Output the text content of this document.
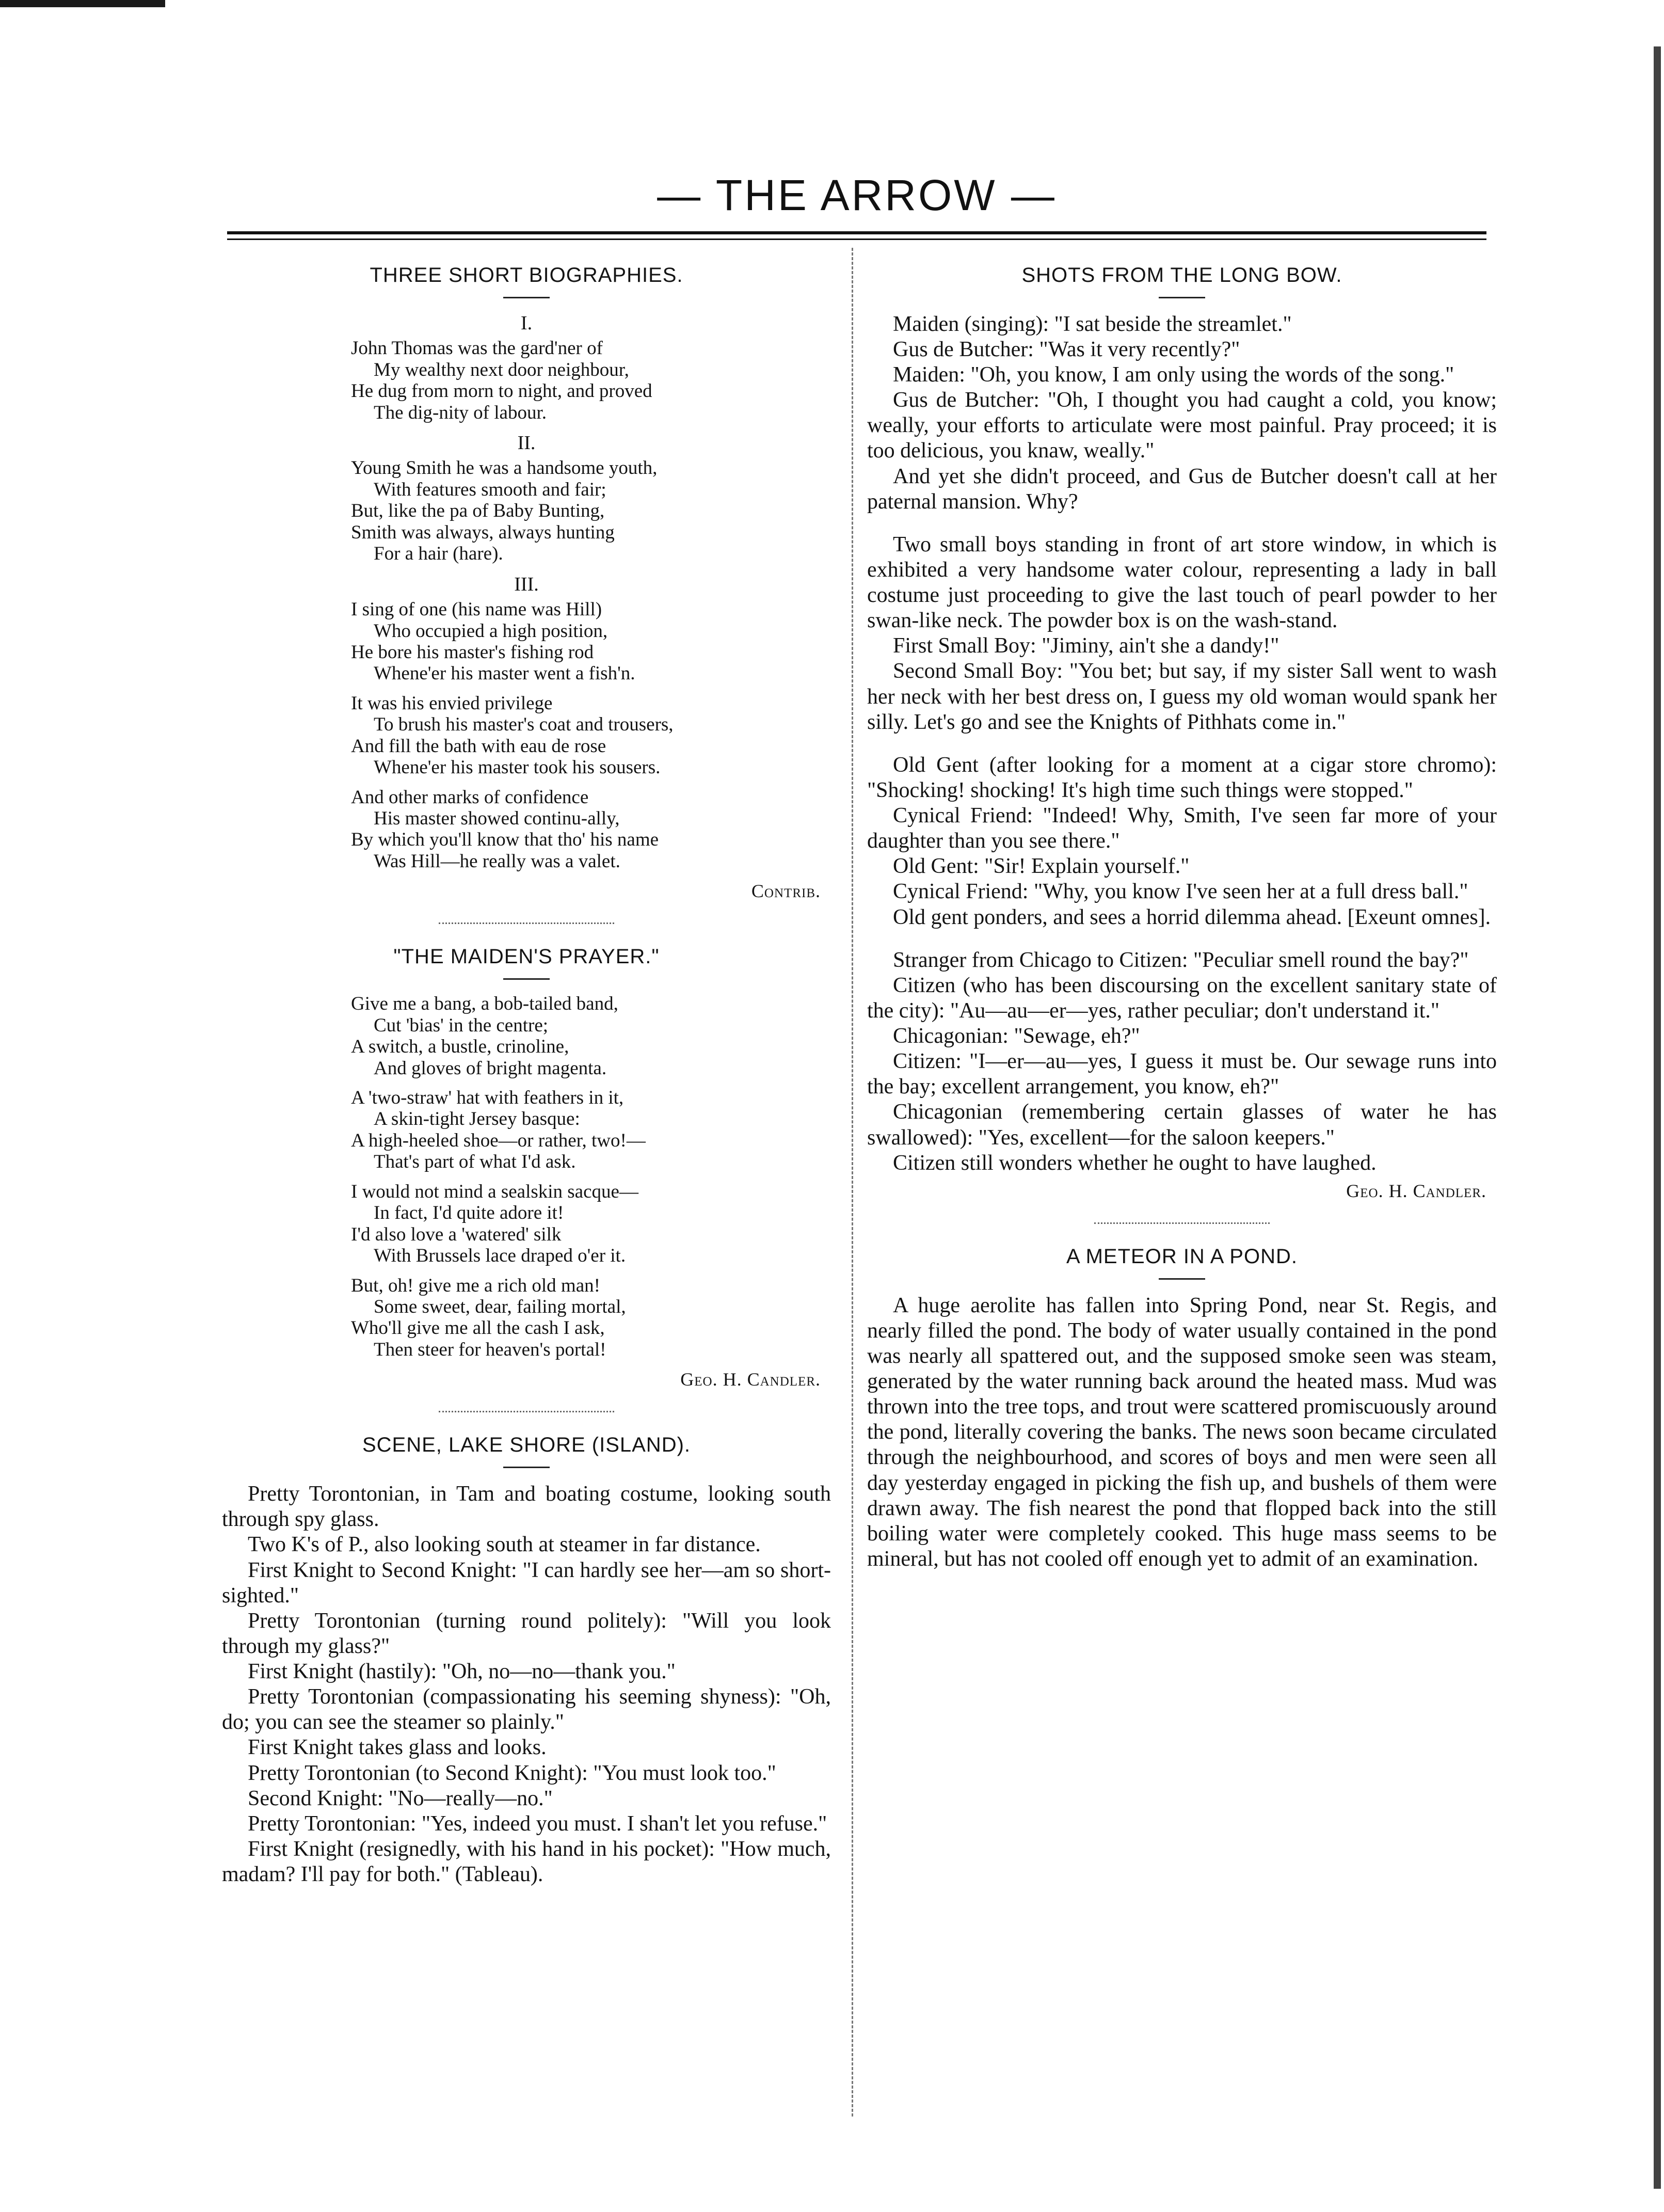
— THE ARROW —
THREE SHORT BIOGRAPHIES.
I.
John Thomas was the gard'ner of
My wealthy next door neighbour,
He dug from morn to night, and proved
The dig-nity of labour.
II.
Young Smith he was a handsome youth,
With features smooth and fair;
But, like the pa of Baby Bunting,
Smith was always, always hunting
For a hair (hare).
III.
I sing of one (his name was Hill)
Who occupied a high position,
He bore his master's fishing rod
Whene'er his master went a fish'n.
It was his envied privilege
To brush his master's coat and trousers,
And fill the bath with eau de rose
Whene'er his master took his sousers.
And other marks of confidence
His master showed continu-ally,
By which you'll know that tho' his name
Was Hill—he really was a valet.
Contrib.
"THE MAIDEN'S PRAYER."
Give me a bang, a bob-tailed band,
Cut 'bias' in the centre;
A switch, a bustle, crinoline,
And gloves of bright magenta.
A 'two-straw' hat with feathers in it,
A skin-tight Jersey basque:
A high-heeled shoe—or rather, two!—
That's part of what I'd ask.
I would not mind a sealskin sacque—
In fact, I'd quite adore it!
I'd also love a 'watered' silk
With Brussels lace draped o'er it.
But, oh! give me a rich old man!
Some sweet, dear, failing mortal,
Who'll give me all the cash I ask,
Then steer for heaven's portal!
Geo. H. Candler.
SCENE, LAKE SHORE (ISLAND).

Pretty Torontonian, in Tam and boating costume, looking south through spy glass.

Two K's of P., also looking south at steamer in far distance.

First Knight to Second Knight: "I can hardly see her—am so short-sighted."

Pretty Torontonian (turning round politely): "Will you look through my glass?"

First Knight (hastily): "Oh, no—no—thank you."

Pretty Torontonian (compassionating his seeming shyness): "Oh, do; you can see the steamer so plainly."

First Knight takes glass and looks.

Pretty Torontonian (to Second Knight): "You must look too."

Second Knight: "No—really—no."

Pretty Torontonian: "Yes, indeed you must. I shan't let you refuse."

First Knight (resignedly, with his hand in his pocket): "How much, madam? I'll pay for both." (Tableau).

SHOTS FROM THE LONG BOW.

Maiden (singing): "I sat beside the streamlet."

Gus de Butcher: "Was it very recently?"

Maiden: "Oh, you know, I am only using the words of the song."

Gus de Butcher: "Oh, I thought you had caught a cold, you know; weally, your efforts to articulate were most painful. Pray proceed; it is too delicious, you knaw, weally."

And yet she didn't proceed, and Gus de Butcher doesn't call at her paternal mansion. Why?

Two small boys standing in front of art store window, in which is exhibited a very handsome water colour, representing a lady in ball costume just proceeding to give the last touch of pearl powder to her swan-like neck. The powder box is on the wash-stand.

First Small Boy: "Jiminy, ain't she a dandy!"

Second Small Boy: "You bet; but say, if my sister Sall went to wash her neck with her best dress on, I guess my old woman would spank her silly. Let's go and see the Knights of Pithhats come in."

Old Gent (after looking for a moment at a cigar store chromo): "Shocking! shocking! It's high time such things were stopped."

Cynical Friend: "Indeed! Why, Smith, I've seen far more of your daughter than you see there."

Old Gent: "Sir! Explain yourself."

Cynical Friend: "Why, you know I've seen her at a full dress ball."

Old gent ponders, and sees a horrid dilemma ahead. [Exeunt omnes].

Stranger from Chicago to Citizen: "Peculiar smell round the bay?"

Citizen (who has been discoursing on the excellent sanitary state of the city): "Au—au—er—yes, rather peculiar; don't understand it."

Chicagonian: "Sewage, eh?"

Citizen: "I—er—au—yes, I guess it must be. Our sewage runs into the bay; excellent arrangement, you know, eh?"

Chicagonian (remembering certain glasses of water he has swallowed): "Yes, excellent—for the saloon keepers."

Citizen still wonders whether he ought to have laughed.

Geo. H. Candler.
A METEOR IN A POND.

A huge aerolite has fallen into Spring Pond, near St. Regis, and nearly filled the pond. The body of water usually contained in the pond was nearly all spattered out, and the supposed smoke seen was steam, generated by the water running back around the heated mass. Mud was thrown into the tree tops, and trout were scattered promiscuously around the pond, literally covering the banks. The news soon became circulated through the neighbourhood, and scores of boys and men were seen all day yesterday engaged in picking the fish up, and bushels of them were drawn away. The fish nearest the pond that flopped back into the still boiling water were completely cooked. This huge mass seems to be mineral, but has not cooled off enough yet to admit of an examination.
